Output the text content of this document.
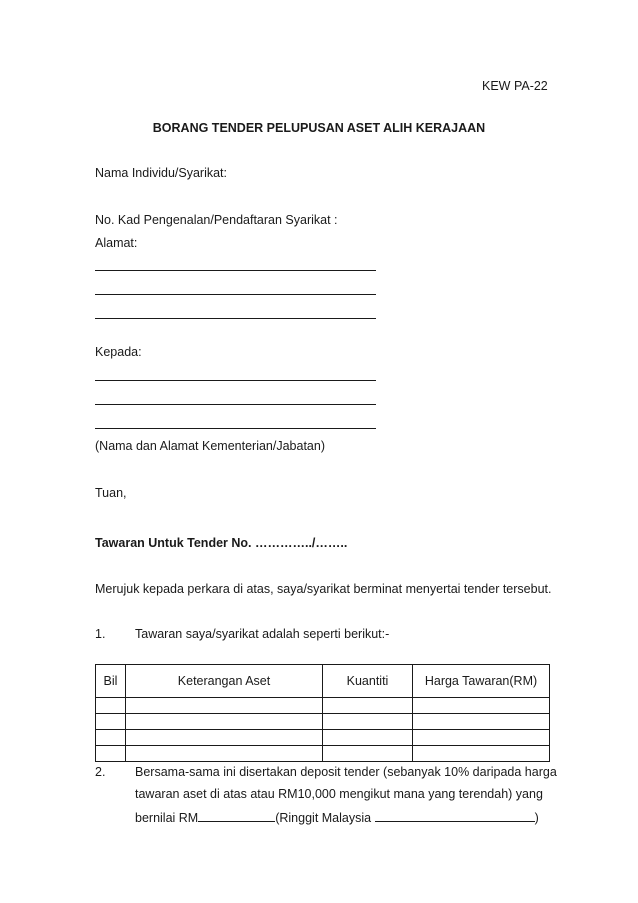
KEW PA-22
BORANG TENDER PELUPUSAN ASET ALIH KERAJAAN
Nama Individu/Syarikat:
No. Kad Pengenalan/Pendaftaran Syarikat :
Alamat:
Kepada:
(Nama dan Alamat Kementerian/Jabatan)
Tuan,
Tawaran Untuk Tender No. …………../……..
Merujuk kepada perkara di atas, saya/syarikat berminat menyertai tender tersebut.
1. Tawaran saya/syarikat adalah seperti berikut:-
Bil	Keterangan Aset	Kuantiti	Harga Tawaran(RM)

2. Bersama-sama ini disertakan deposit tender (sebanyak 10% daripada harga
tawaran aset di atas atau RM10,000 mengikut mana yang terendah) yang
bernilai RM	(Ringgit Malaysia	)
